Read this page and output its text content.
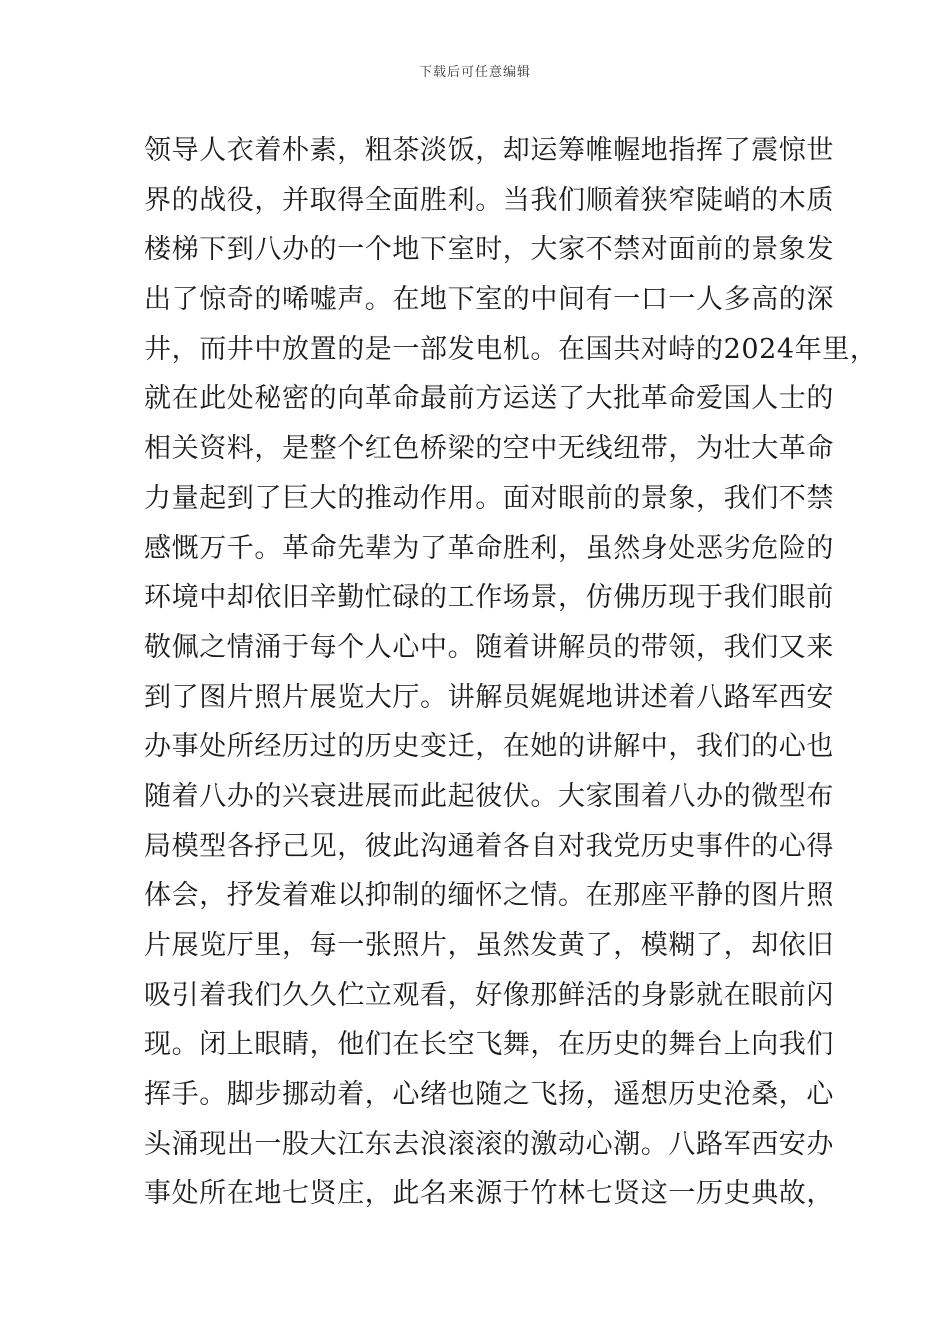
下载后可任意编辑
领导人衣着朴素，粗茶淡饭，却运筹帷幄地指挥了震惊世
界的战役，并取得全面胜利。当我们顺着狭窄陡峭的木质
楼梯下到八办的一个地下室时，大家不禁对面前的景象发
出了惊奇的唏嘘声。在地下室的中间有一口一人多高的深
井，而井中放置的是一部发电机。在国共对峙的2024年里，
就在此处秘密的向革命最前方运送了大批革命爱国人士的
相关资料，是整个红色桥梁的空中无线纽带，为壮大革命
力量起到了巨大的推动作用。面对眼前的景象，我们不禁
感慨万千。革命先辈为了革命胜利，虽然身处恶劣危险的
环境中却依旧辛勤忙碌的工作场景，仿佛历现于我们眼前
敬佩之情涌于每个人心中。随着讲解员的带领，我们又来
到了图片照片展览大厅。讲解员娓娓地讲述着八路军西安
办事处所经历过的历史变迁，在她的讲解中，我们的心也
随着八办的兴衰进展而此起彼伏。大家围着八办的微型布
局模型各抒己见，彼此沟通着各自对我党历史事件的心得
体会，抒发着难以抑制的缅怀之情。在那座平静的图片照
片展览厅里，每一张照片，虽然发黄了，模糊了，却依旧
吸引着我们久久伫立观看，好像那鲜活的身影就在眼前闪
现。闭上眼睛，他们在长空飞舞，在历史的舞台上向我们
挥手。脚步挪动着，心绪也随之飞扬，遥想历史沧桑，心
头涌现出一股大江东去浪滚滚的激动心潮。八路军西安办
事处所在地七贤庄，此名来源于竹林七贤这一历史典故，
